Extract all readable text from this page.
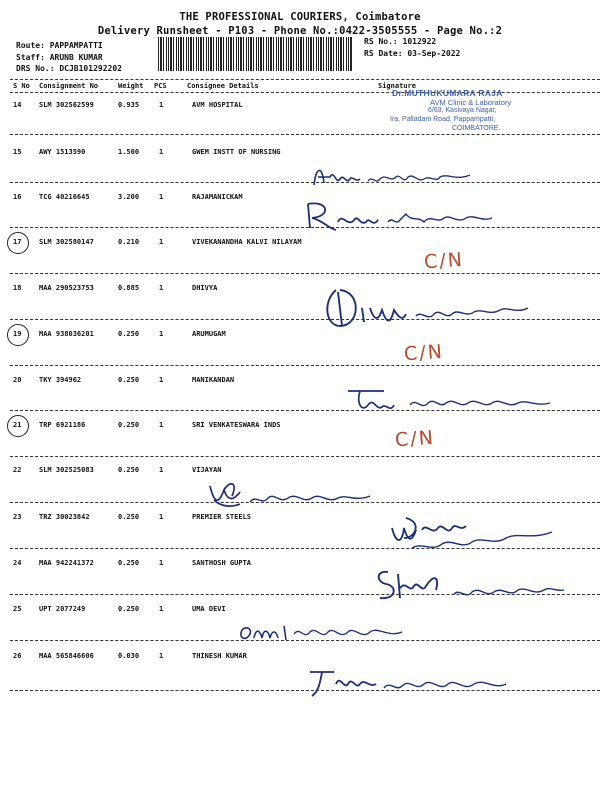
THE PROFESSIONAL COURIERS, Coimbatore
Delivery Runsheet - P103 - Phone No.:0422-3505555 - Page No.:2
Route: PAPPAMPATTI
Staff: ARUNB KUMAR
DRS No.: DCJB101292202
RS No.: 1012922
RS Date: 03-Sep-2022
S No Consignment No	Weight PCS	Consignee Details	Signature
14	SLM 302562599	0.935	1	AVM HOSPITAL
15	AWY 1513590	1.500	1	GWEM INSTT OF NURSING
16	TCG 40216645	3.200	1	RAJAMANICKAM
17	SLM 302580147	0.210	1	VIVEKANANDHA KALVI NILAYAM
18	MAA 290523753	0.885	1	DHIVYA
19	MAA 938036201	0.250	1	ARUMUGAM
20	TKY 394962	0.250	1	MANIKANDAN
21	TRP 6921186	0.250	1	SRI VENKATESWARA INDS
22	SLM 302525083	0.250	1	VIJAYAN
23	TRZ 30023842	0.250	1	PREMIER STEELS
24	MAA 942241372	0.250	1	SANTHOSH GUPTA
25	UPT 2077249	0.250	1	UMA DEVI
26	MAA 565846606	0.030	1	THINESH KUMAR
Dr.MUTHUKUMARA RAJA
AVM Clinic & Laboratory
6/63, Kasivaya Nagar,
Ira, Palladam Road, Pappampatti,
COIMBATORE.
C/N
C/N
C/N
